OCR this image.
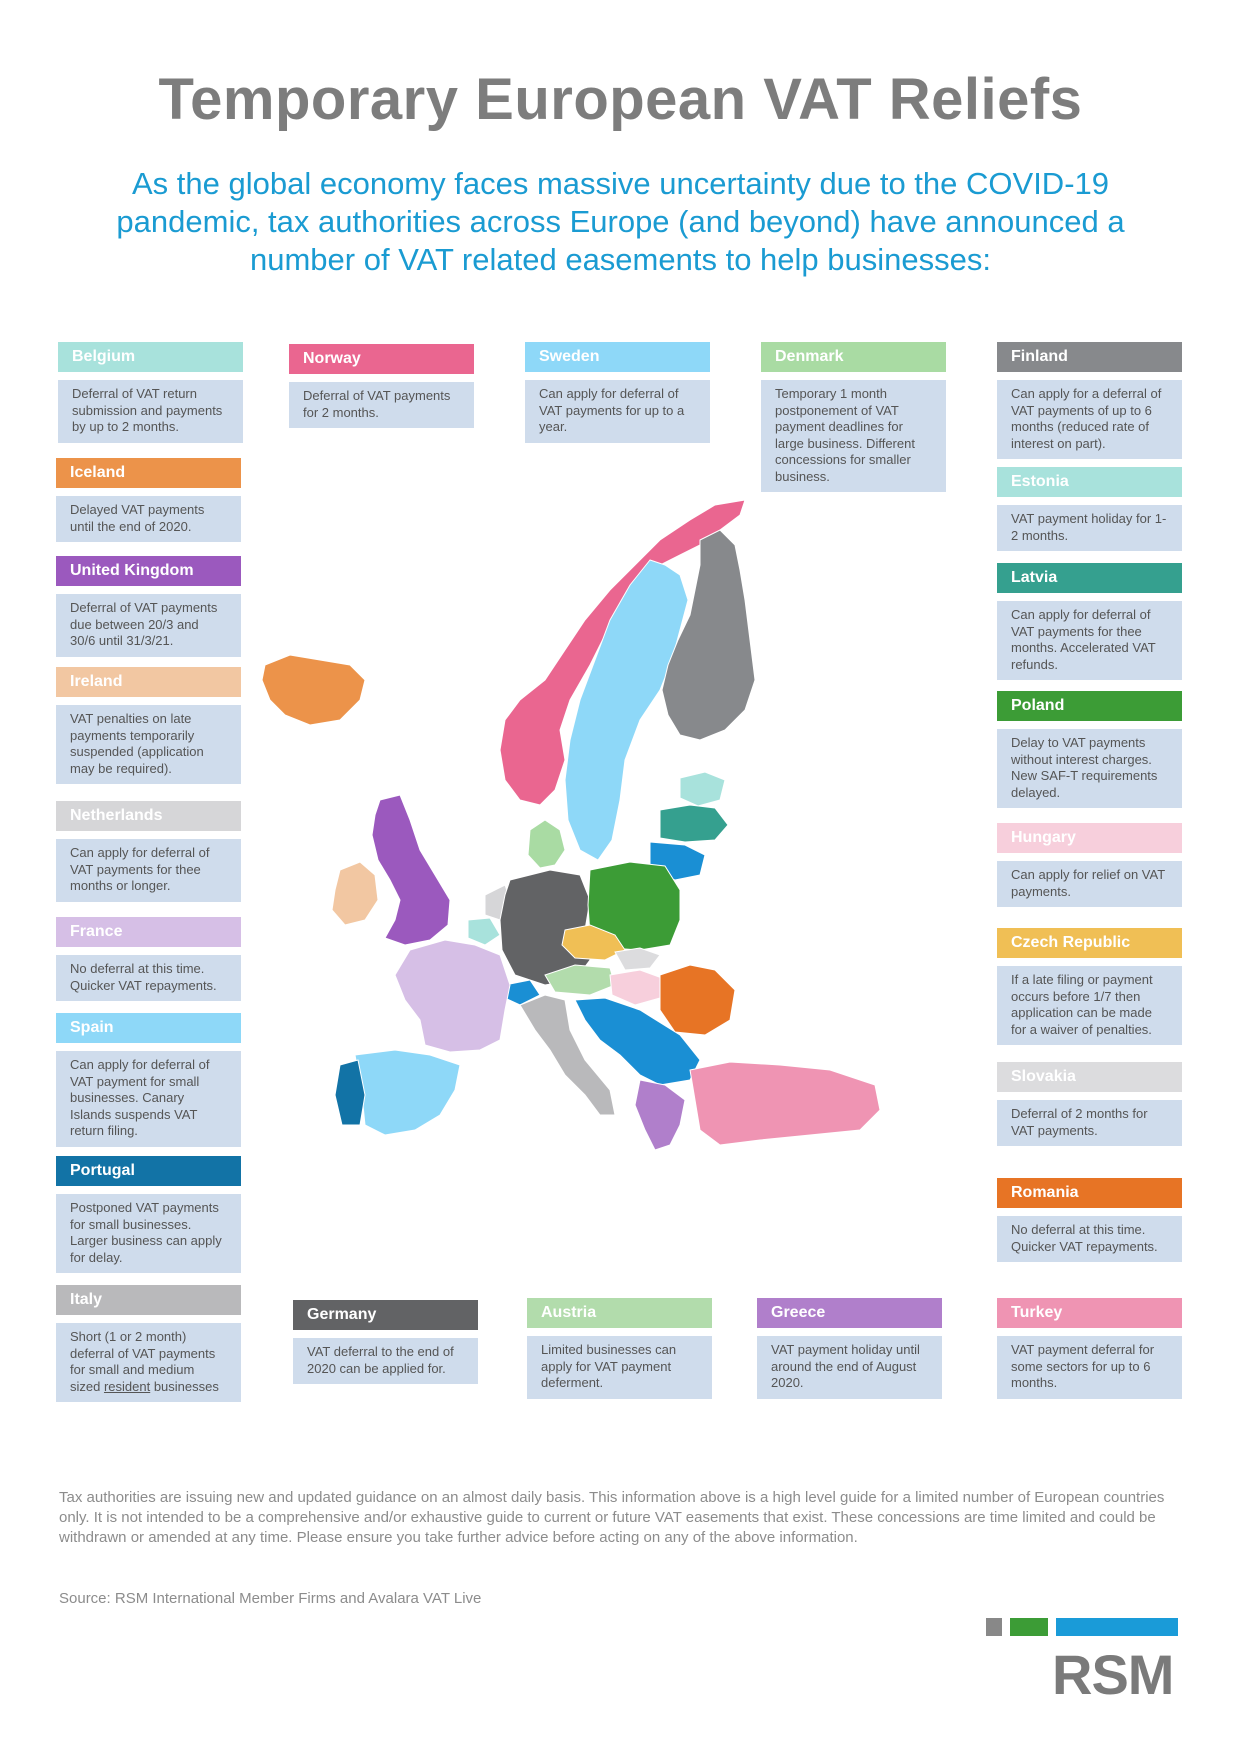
Temporary European VAT Reliefs
As the global economy faces massive uncertainty due to the COVID-19 pandemic, tax authorities across Europe (and beyond) have announced a number of VAT related easements to help businesses:
Belgium
Deferral of VAT return submission and payments by up to 2 months.
Iceland
Delayed VAT payments until the end of 2020.
United Kingdom
Deferral of VAT payments due between 20/3 and 30/6 until 31/3/21.
Ireland
VAT penalties on late payments temporarily suspended (application may be required).
Netherlands
Can apply for deferral of VAT payments for thee months or longer.
France
No deferral at this time. Quicker VAT repayments.
Spain
Can apply for deferral of VAT payment for small businesses. Canary Islands suspends VAT return filing.
Portugal
Postponed VAT payments for small businesses. Larger business can apply for delay.
Italy
Short (1 or 2 month) deferral of VAT payments for small and medium sized resident businesses
Norway
Deferral of VAT payments for 2 months.
Sweden
Can apply for deferral of VAT payments for up to a year.
Denmark
Temporary 1 month postponement of VAT payment deadlines for large business. Different concessions for smaller business.
Finland
Can apply for a deferral of VAT payments of up to 6 months (reduced rate of interest on part).
Estonia
VAT payment holiday for 1-2 months.
Latvia
Can apply for deferral of VAT payments for thee months. Accelerated VAT refunds.
Poland
Delay to VAT payments without interest charges. New SAF-T requirements delayed.
Hungary
Can apply for relief on VAT payments.
Czech Republic
If a late filing or payment occurs before 1/7 then application can be made for a waiver of penalties.
Slovakia
Deferral of 2 months for VAT payments.
Romania
No deferral at this time. Quicker VAT repayments.
Turkey
VAT payment deferral for some sectors for up to 6 months.
Germany
VAT deferral to the end of 2020 can be applied for.
Austria
Limited businesses can apply for VAT payment deferment.
Greece
VAT payment holiday until around the end of August 2020.
Tax authorities are issuing new and updated guidance on an almost daily basis. This information above is a high level guide for a limited number of European countries only. It is not intended to be a comprehensive and/or exhaustive guide to current or future VAT easements that exist. These concessions are time limited and could be withdrawn or amended at any time. Please ensure you take further advice before acting on any of the above information.
Source: RSM International Member Firms and Avalara VAT Live
RSM
